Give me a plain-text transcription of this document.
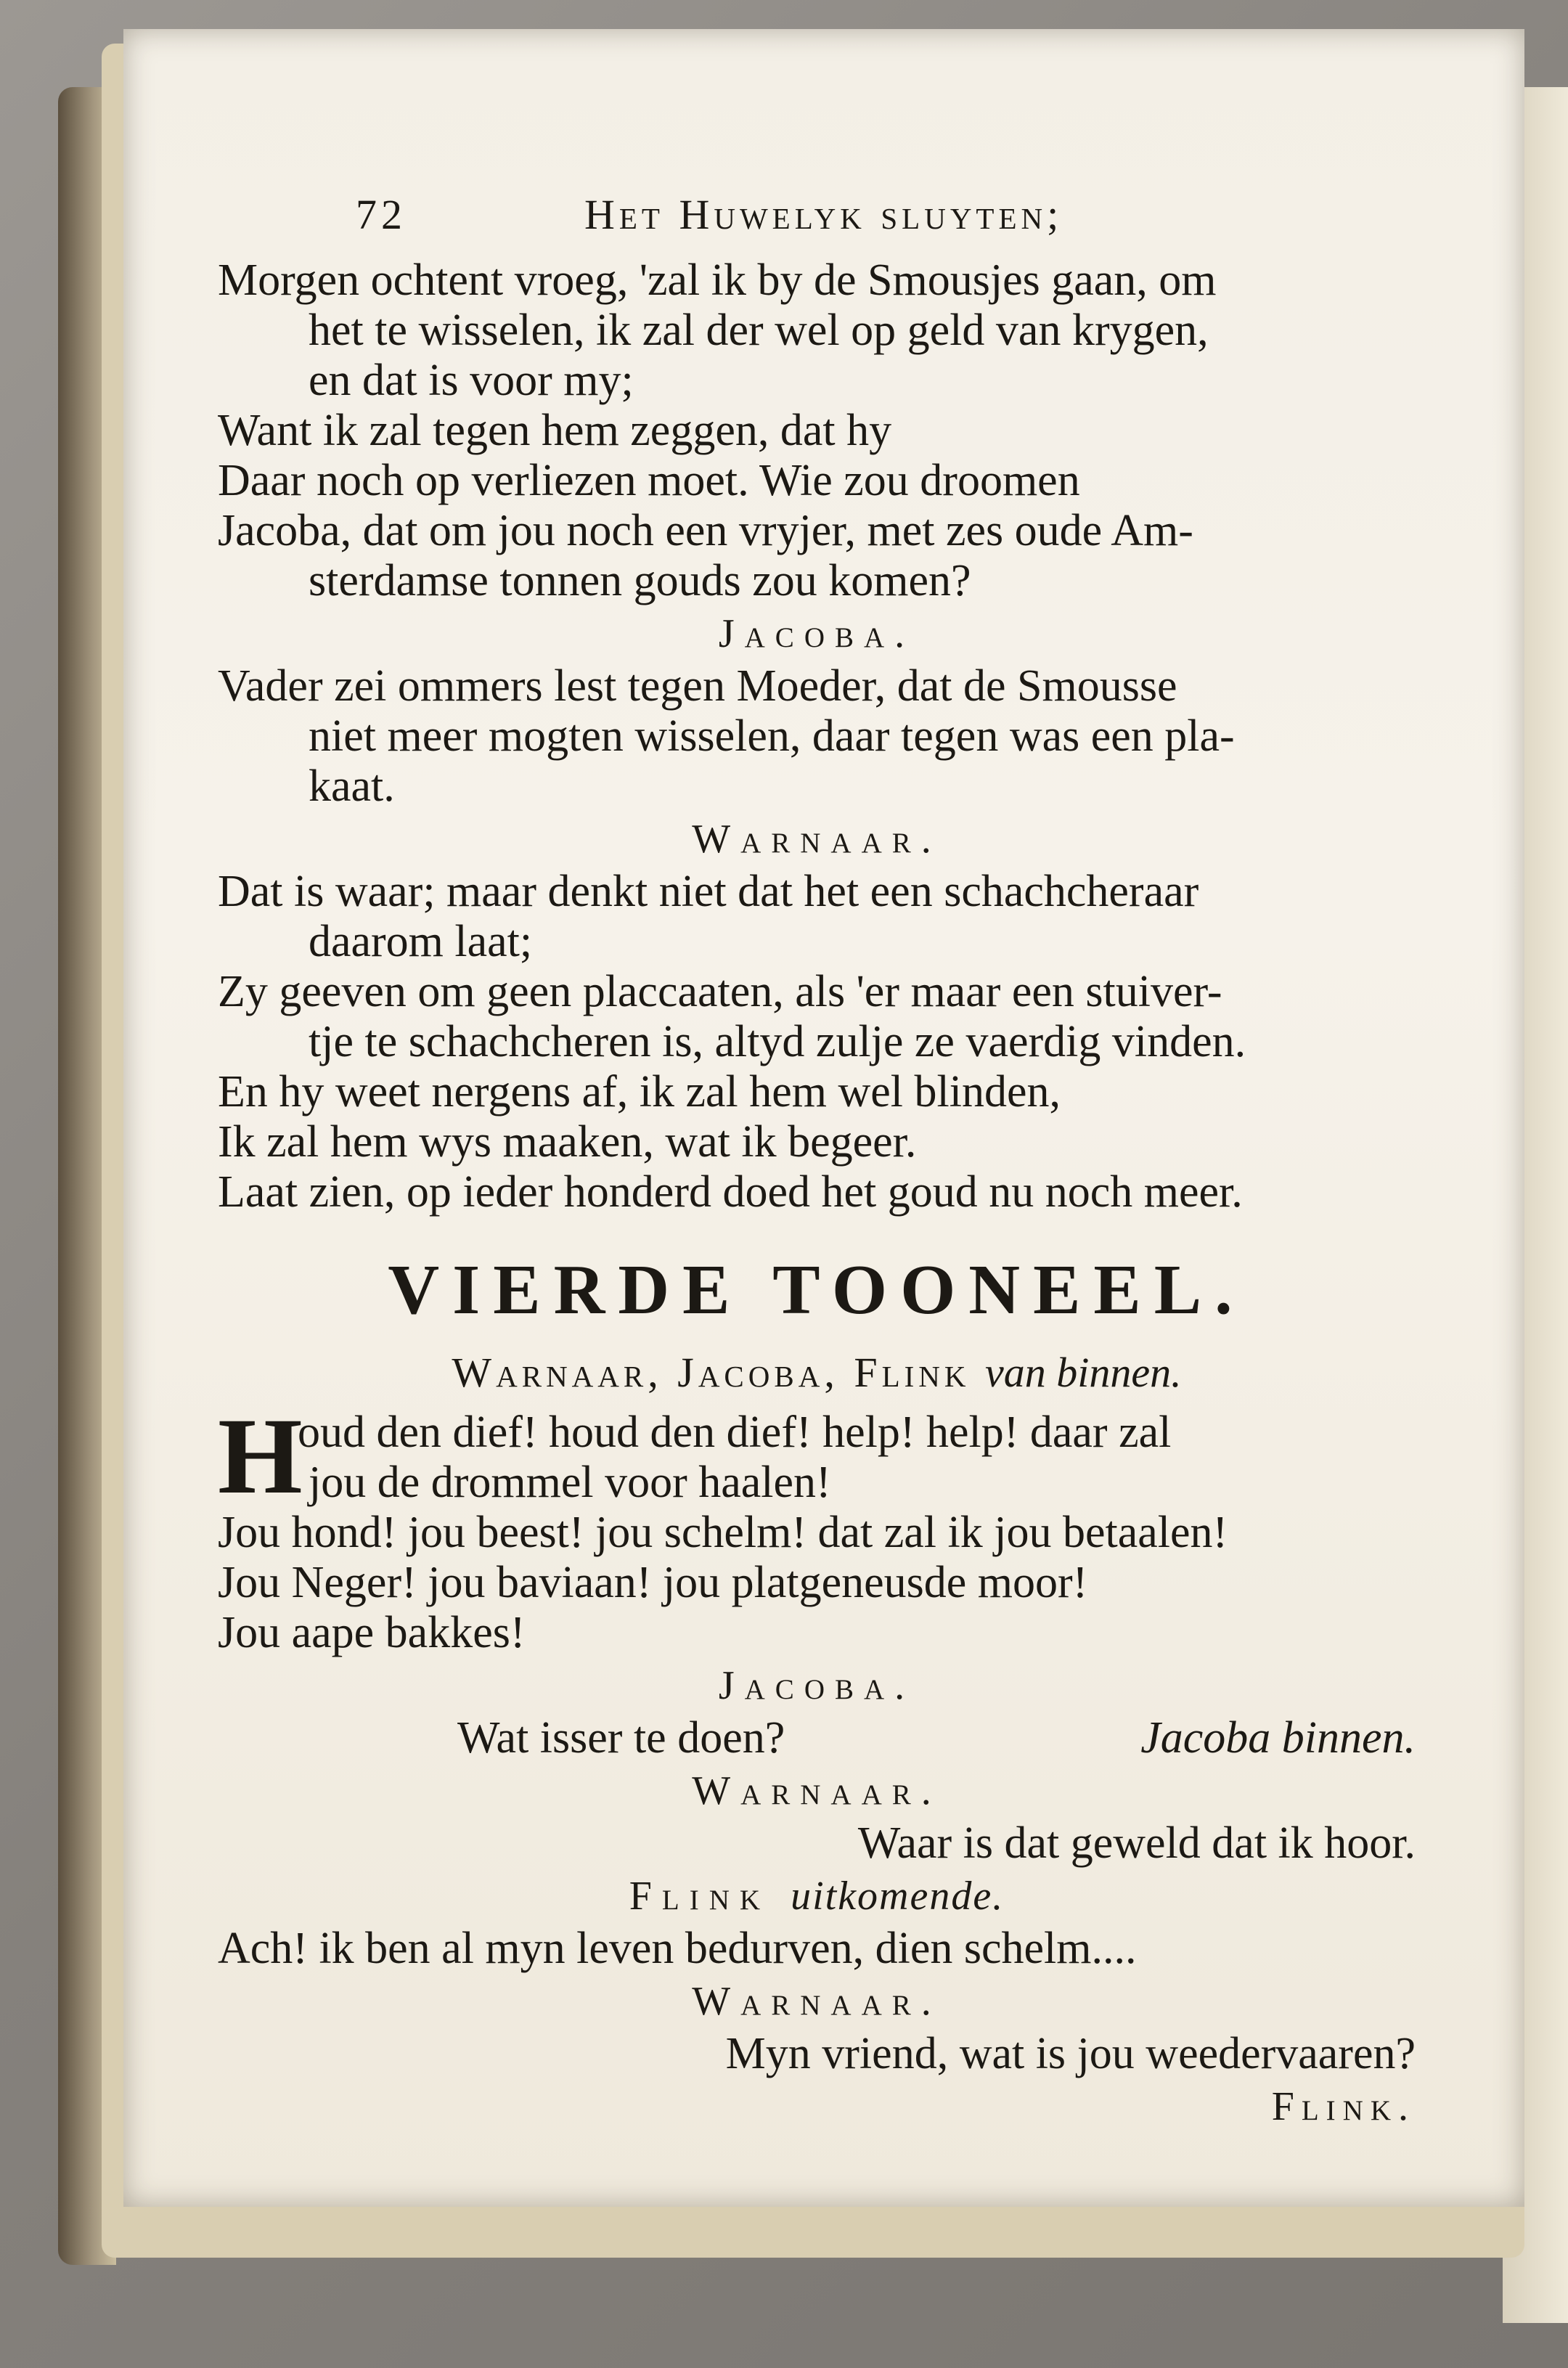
72	Het Huwelyk sluyten;
Morgen ochtent vroeg, 'zal ik by de Smousjes gaan, om
het te wisselen, ik zal der wel op geld van krygen,
en dat is voor my;
Want ik zal tegen hem zeggen, dat hy
Daar noch op verliezen moet. Wie zou droomen
Jacoba, dat om jou noch een vryjer, met zes oude Am-
sterdamse tonnen gouds zou komen?
Jacoba.
Vader zei ommers lest tegen Moeder, dat de Smousse
niet meer mogten wisselen, daar tegen was een pla-
kaat.
Warnaar.
Dat is waar; maar denkt niet dat het een schachcheraar
daarom laat;
Zy geeven om geen placcaaten, als 'er maar een stuiver-
tje te schachcheren is, altyd zulje ze vaerdig vinden.
En hy weet nergens af, ik zal hem wel blinden,
Ik zal hem wys maaken, wat ik begeer.
Laat zien, op ieder honderd doed het goud nu noch meer.
VIERDE TOONEEL.
Warnaar, Jacoba, Flink van binnen.
H
oud den dief! houd den dief! help! help! daar zal
jou de drommel voor haalen!
Jou hond! jou beest! jou schelm! dat zal ik jou betaalen!
Jou Neger! jou baviaan! jou platgeneusde moor!
Jou aape bakkes!
Jacoba.
Wat isser te doen?	Jacoba binnen.
Warnaar.
Waar is dat geweld dat ik hoor.
Flink uitkomende.
Ach! ik ben al myn leven bedurven, dien schelm....
Warnaar.
Myn vriend, wat is jou weedervaaren?
Flink.
